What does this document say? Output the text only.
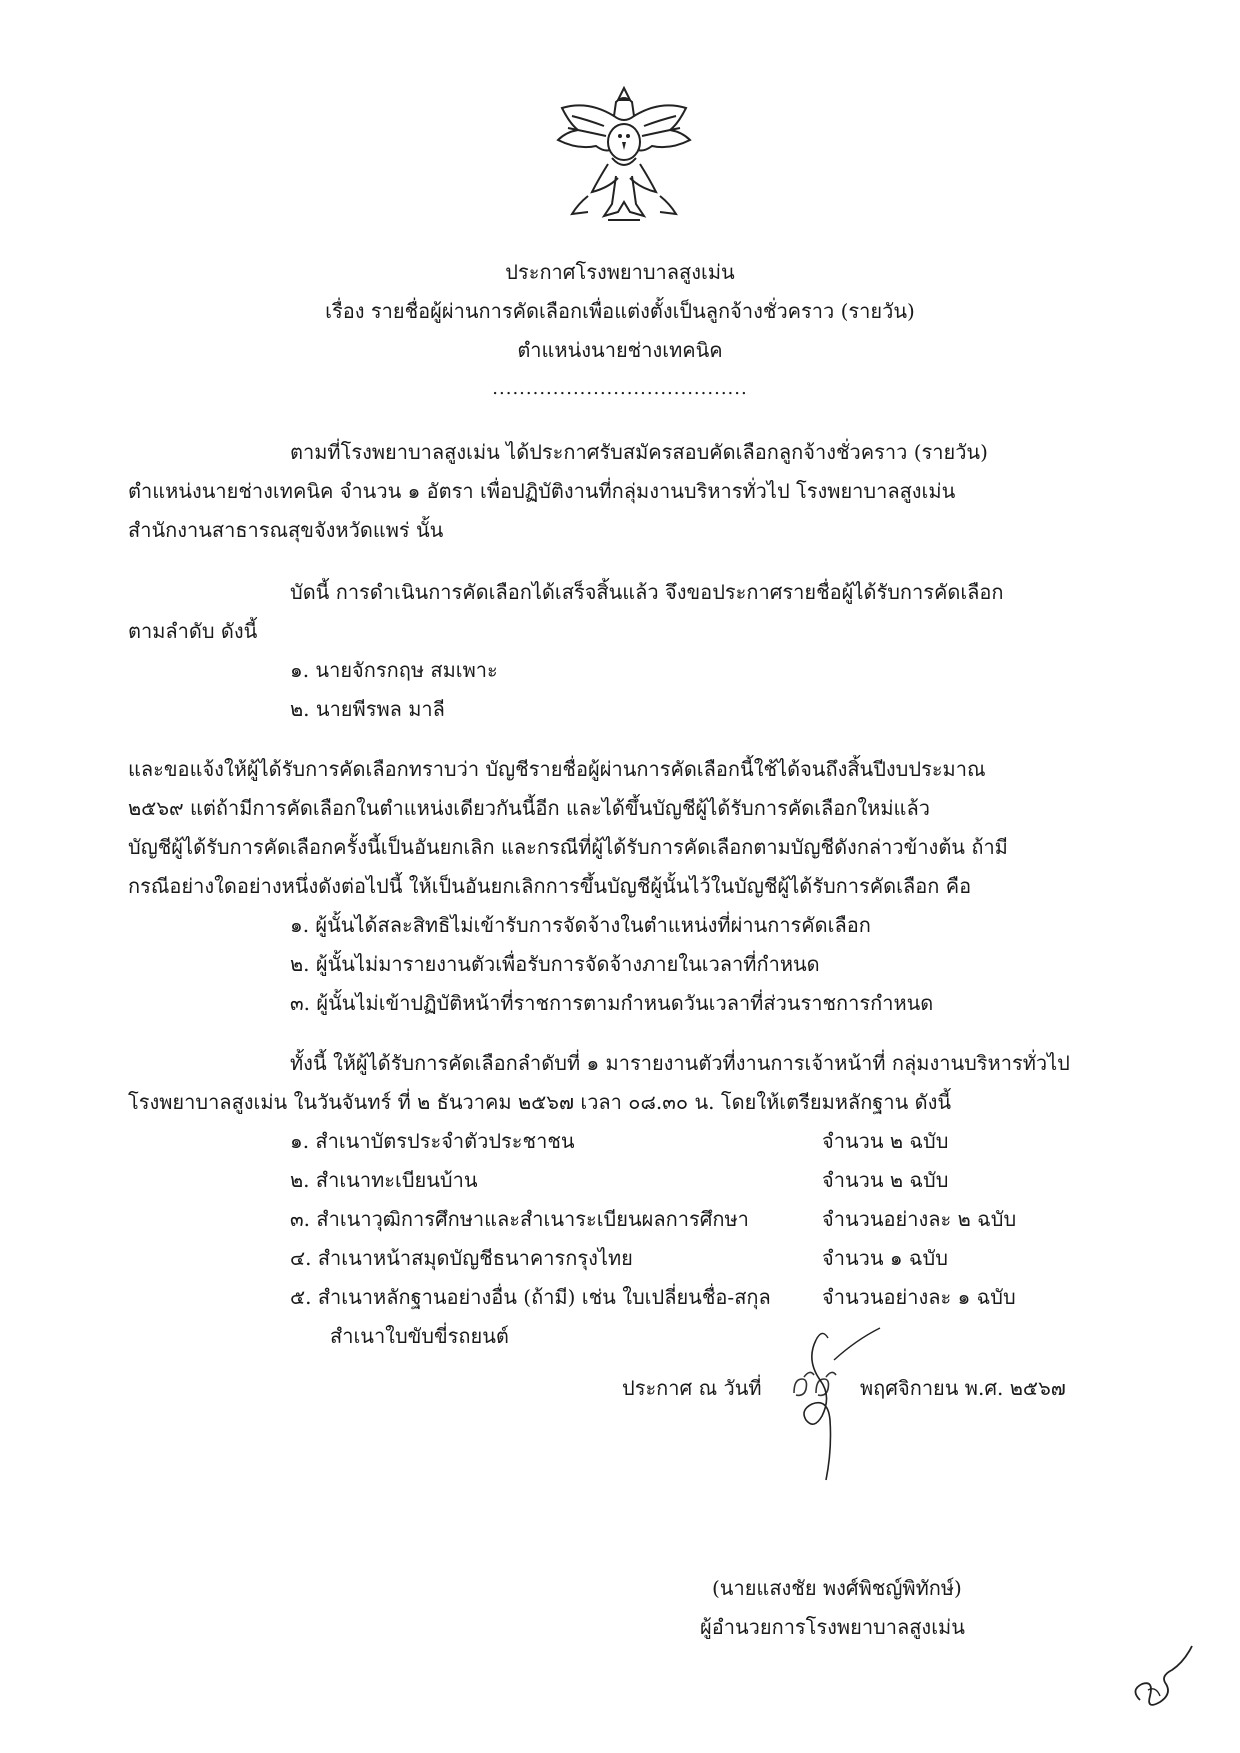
ประกาศโรงพยาบาลสูงเม่น
เรื่อง รายชื่อผู้ผ่านการคัดเลือกเพื่อแต่งตั้งเป็นลูกจ้างชั่วคราว (รายวัน)
ตำแหน่งนายช่างเทคนิค
......................................
ตามที่โรงพยาบาลสูงเม่น ได้ประกาศรับสมัครสอบคัดเลือกลูกจ้างชั่วคราว (รายวัน)
ตำแหน่งนายช่างเทคนิค จำนวน ๑ อัตรา เพื่อปฏิบัติงานที่กลุ่มงานบริหารทั่วไป โรงพยาบาลสูงเม่น
สำนักงานสาธารณสุขจังหวัดแพร่ นั้น
บัดนี้ การดำเนินการคัดเลือกได้เสร็จสิ้นแล้ว จึงขอประกาศรายชื่อผู้ได้รับการคัดเลือก
ตามลำดับ ดังนี้
๑. นายจักรกฤษ สมเพาะ
๒. นายพีรพล มาลี
และขอแจ้งให้ผู้ได้รับการคัดเลือกทราบว่า บัญชีรายชื่อผู้ผ่านการคัดเลือกนี้ใช้ได้จนถึงสิ้นปีงบประมาณ
๒๕๖๙ แต่ถ้ามีการคัดเลือกในตำแหน่งเดียวกันนี้อีก และได้ขึ้นบัญชีผู้ได้รับการคัดเลือกใหม่แล้ว
บัญชีผู้ได้รับการคัดเลือกครั้งนี้เป็นอันยกเลิก และกรณีที่ผู้ได้รับการคัดเลือกตามบัญชีดังกล่าวข้างต้น ถ้ามี
กรณีอย่างใดอย่างหนึ่งดังต่อไปนี้ ให้เป็นอันยกเลิกการขึ้นบัญชีผู้นั้นไว้ในบัญชีผู้ได้รับการคัดเลือก คือ
๑. ผู้นั้นได้สละสิทธิไม่เข้ารับการจัดจ้างในตำแหน่งที่ผ่านการคัดเลือก
๒. ผู้นั้นไม่มารายงานตัวเพื่อรับการจัดจ้างภายในเวลาที่กำหนด
๓. ผู้นั้นไม่เข้าปฏิบัติหน้าที่ราชการตามกำหนดวันเวลาที่ส่วนราชการกำหนด
ทั้งนี้ ให้ผู้ได้รับการคัดเลือกลำดับที่ ๑ มารายงานตัวที่งานการเจ้าหน้าที่ กลุ่มงานบริหารทั่วไป
โรงพยาบาลสูงเม่น ในวันจันทร์ ที่ ๒ ธันวาคม ๒๕๖๗ เวลา ๐๘.๓๐ น. โดยให้เตรียมหลักฐาน ดังนี้
๑. สำเนาบัตรประจำตัวประชาชน	จำนวน ๒ ฉบับ
๒. สำเนาทะเบียนบ้าน	จำนวน ๒ ฉบับ
๓. สำเนาวุฒิการศึกษาและสำเนาระเบียนผลการศึกษา	จำนวนอย่างละ ๒ ฉบับ
๔. สำเนาหน้าสมุดบัญชีธนาคารกรุงไทย	จำนวน ๑ ฉบับ
๕. สำเนาหลักฐานอย่างอื่น (ถ้ามี) เช่น ใบเปลี่ยนชื่อ-สกุล	จำนวนอย่างละ ๑ ฉบับ
สำเนาใบขับขี่รถยนต์
ประกาศ ณ วันที่	พฤศจิกายน พ.ศ. ๒๕๖๗
(นายแสงชัย พงศ์พิชญ์พิทักษ์)
ผู้อำนวยการโรงพยาบาลสูงเม่น
